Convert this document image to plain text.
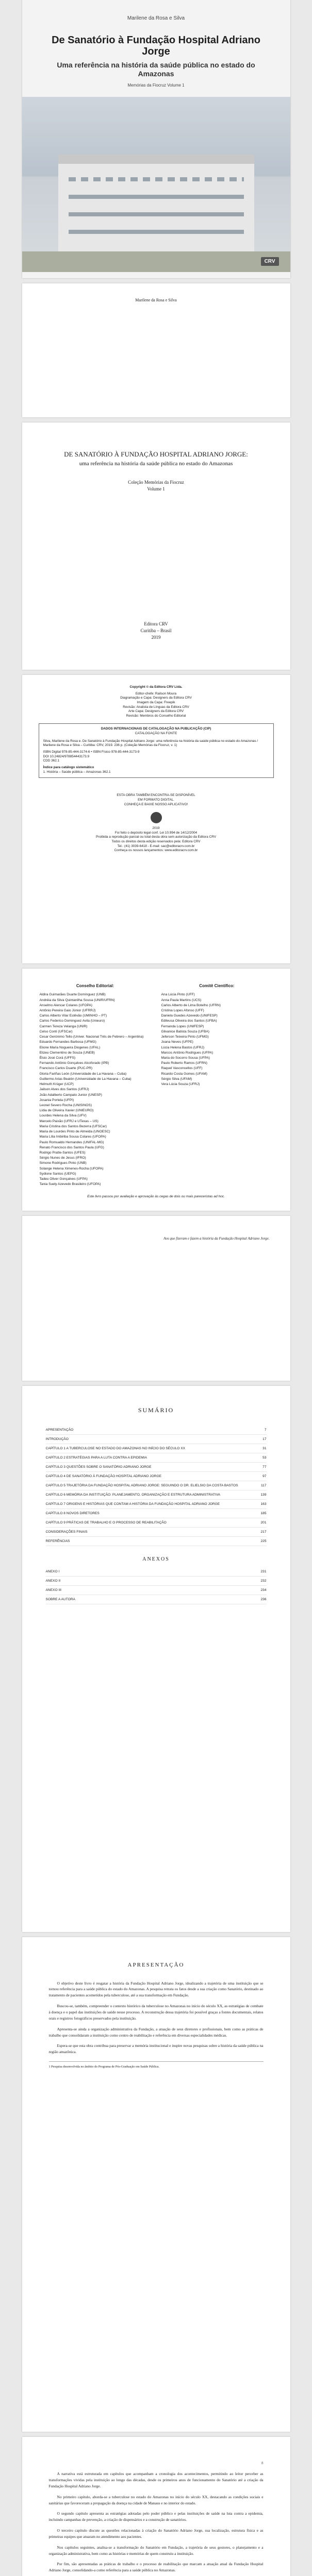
Marilene da Rosa e Silva
De Sanatório à Fundação Hospital Adriano Jorge
Uma referência na história da saúde pública no estado do Amazonas
Memórias da Fiocruz Volume 1
CRV
Marilene da Rosa e Silva
DE SANATÓRIO À FUNDAÇÃO HOSPITAL ADRIANO JORGE:
uma referência na história da saúde pública no estado do Amazonas
Coleção Memórias da Fiocruz
Volume 1
Editora CRV
Curitiba – Brasil
2019
Copyright © da Editora CRV Ltda.
Editor-chefe: Railson Moura
Diagramação e Capa: Designers da Editora CRV
Imagem da Capa: Freepik
Revisão: Analista de Línguas da Editora CRV
Arte Capa: Designers da Editora CRV
Revisão: Membros do Conselho Editorial
DADOS INTERNACIONAIS DE CATALOGAÇÃO NA PUBLICAÇÃO (CIP)
CATALOGAÇÃO NA FONTE
Silva, Marilene da Rosa e. De Sanatório à Fundação Hospital Adriano Jorge: uma referência na história da saúde pública no estado do Amazonas / Marilene da Rosa e Silva – Curitiba: CRV, 2019. 236 p. (Coleção Memórias da Fiocruz, v. 1)
ISBN Digital 978-85-444-3174-6 • ISBN Físico 978-85-444-3173-9
DOI 10.24824/978854443173.9
CDD 362.1
Índice para catálogo sistemático
1. História – Saúde pública – Amazonas 362.1
ESTA OBRA TAMBÉM ENCONTRA-SE DISPONÍVEL
EM FORMATO DIGITAL.
CONHEÇA E BAIXE NOSSO APLICATIVO!
2019
Foi feito o depósito legal conf. Lei 10.994 de 14/12/2004
Proibida a reprodução parcial ou total desta obra sem autorização da Editora CRV
Todos os direitos desta edição reservados pela: Editora CRV
Tel.: (41) 3039-6418 - E-mail: sac@editoracrv.com.br
Conheça os nossos lançamentos: www.editoracrv.com.br
Conselho Editorial:
Aldira Guimarães Duarte Domínguez (UNB)
Andréia da Silva Quintanilha Sousa (UNIR/UFRN)
Anselmo Alencar Colares (UFOPA)
Antônio Pereira Gaio Júnior (UFRRJ)
Carlos Alberto Vilar Estêvão (UMINHO – PT)
Carlos Federico Dominguez Avila (Unieuro)
Carmen Tereza Velanga (UNIR)
Celso Conti (UFSCar)
Cesar Gerónimo Tello (Univer. Nacional Três de Febrero – Argentina)
Eduardo Fernandes Barbosa (UFMG)
Elione Maria Nogueira Diogenes (UFAL)
Elizeu Clementino de Souza (UNEB)
Élsio José Corá (UFFS)
Fernando Antônio Gonçalves Alcoforado (IPB)
Francisco Carlos Duarte (PUC-PR)
Gloria Fariñas León (Universidade de La Havana – Cuba)
Guillermo Arias Beatón (Universidade de La Havana – Cuba)
Helmuth Krüger (UCP)
Jailson Alves dos Santos (UFRJ)
João Adalberto Campato Junior (UNESP)
Josania Portela (UFPI)
Leonel Severo Rocha (UNISINOS)
Lídia de Oliveira Xavier (UNIEURO)
Lourdes Helena da Silva (UFV)
Marcelo Paixão (UFRJ e UTexas – US)
Maria Cristina dos Santos Bezerra (UFSCar)
Maria de Lourdes Pinto de Almeida (UNOESC)
Maria Lília Imbiriba Sousa Colares (UFOPA)
Paulo Romualdo Hernandes (UNIFAL-MG)
Renato Francisco dos Santos Paula (UFG)
Rodrigo Pratte-Santos (UFES)
Sérgio Nunes de Jesus (IFRO)
Simone Rodrigues Pinto (UNB)
Solange Helena Ximenes-Rocha (UFOPA)
Sydione Santos (UEPG)
Tadeu Oliver Gonçalves (UFPA)
Tania Suely Azevedo Brasileiro (UFOPA)
Comitê Científico:
Ana Lúcia Pinto (UFF)
Anna Paula Martins (UCS)
Carlos Alberto de Lima Botelho (UFRN)
Cristina Lopes Afonso (UFF)
Daniela Guedes Azevedo (UNIFESP)
Edileusa Oliveira dos Santos (UFBA)
Fernanda Lopes (UNIFESP)
Gilvanice Batista Souza (UFBA)
Jeferson Teixeira Pinto (UFMG)
Joana Neves (UFPE)
Lúcia Helena Bastos (UFRJ)
Marcos Antônio Rodrigues (UFPA)
Maria do Socorro Sousa (UFPA)
Paulo Roberto Ramos (UFRN)
Raquel Vasconcellos (UFF)
Ricardo Costa Gomes (UFAM)
Sérgio Silva (UFAM)
Vera Lúcia Souza (UFRJ)
Este livro passou por avaliação e aprovação às cegas de dois ou mais pareceristas ad hoc.
Aos que fizeram e fazem a história da Fundação Hospital Adriano Jorge.
SUMÁRIO
APRESENTAÇÃO	7
INTRODUÇÃO	17
CAPÍTULO 1 A TUBERCULOSE NO ESTADO DO AMAZONAS NO INÍCIO DO SÉCULO XX	31
CAPÍTULO 2 ESTRATÉGIAS PARA A LUTA CONTRA A EPIDEMIA	53
CAPÍTULO 3 QUESTÕES SOBRE O SANATÓRIO ADRIANO JORGE	77
CAPÍTULO 4 DE SANATÓRIO À FUNDAÇÃO HOSPITAL ADRIANO JORGE	97
CAPÍTULO 5 TRAJETÓRIA DA FUNDAÇÃO HOSPITAL ADRIANO JORGE: SEGUINDO O DR. ELIELSIO DA COSTA BASTOS	117
CAPÍTULO 6 MEMÓRIA DA INSTITUIÇÃO: PLANEJAMENTO, ORGANIZAÇÃO E ESTRUTURA ADMINISTRATIVA	139
CAPÍTULO 7 ORIGENS E HISTÓRIAS QUE CONTAM A HISTÓRIA DA FUNDAÇÃO HOSPITAL ADRIANO JORGE	163
CAPÍTULO 8 NOVOS DIRETORES	185
CAPÍTULO 9 PRÁTICAS DE TRABALHO E O PROCESSO DE REABILITAÇÃO	201
CONSIDERAÇÕES FINAIS	217
REFERÊNCIAS	225
ANEXOS
ANEXO I	231
ANEXO II	232
ANEXO III	234
SOBRE A AUTORA	236
APRESENTAÇÃO

O objetivo deste livro é resgatar a história da Fundação Hospital Adriano Jorge, idealizando a trajetória de uma instituição que se tornou referência para a saúde pública do estado do Amazonas. A pesquisa retrata os fatos desde a sua criação como Sanatório, destinado ao tratamento de pacientes acometidos pela tuberculose, até a sua transformação em Fundação.

Buscou-se, também, compreender o contexto histórico da tuberculose no Amazonas no início do século XX, as estratégias de combate à doença e o papel das instituições de saúde nesse processo. A reconstrução dessa trajetória foi possível graças a fontes documentais, relatos orais e registros fotográficos preservados pela instituição.

Apresenta-se ainda a organização administrativa da Fundação, a atuação de seus diretores e profissionais, bem como as práticas de trabalho que consolidaram a instituição como centro de reabilitação e referência em diversas especialidades médicas.

Espera-se que esta obra contribua para preservar a memória institucional e inspire novas pesquisas sobre a história da saúde pública na região amazônica.

1 Pesquisa desenvolvida no âmbito do Programa de Pós-Graduação em Saúde Pública.

8

A narrativa está estruturada em capítulos que acompanham a cronologia dos acontecimentos, permitindo ao leitor perceber as transformações vividas pela instituição ao longo das décadas, desde os primeiros anos de funcionamento do Sanatório até a criação da Fundação Hospital Adriano Jorge.

No primeiro capítulo, aborda-se a tuberculose no estado do Amazonas no início do século XX, destacando as condições sociais e sanitárias que favoreceram a propagação da doença na cidade de Manaus e no interior do estado.

O segundo capítulo apresenta as estratégias adotadas pelo poder público e pelas instituições de saúde na luta contra a epidemia, incluindo campanhas de prevenção, a criação de dispensários e a construção de sanatórios.

O terceiro capítulo discute as questões relacionadas à criação do Sanatório Adriano Jorge, sua localização, estrutura física e as primeiras equipes que atuaram no atendimento aos pacientes.

Nos capítulos seguintes, analisa-se a transformação do Sanatório em Fundação, a trajetória de seus gestores, o planejamento e a organização administrativa, bem como as histórias e memórias de quem construiu a instituição.

Por fim, são apresentadas as práticas de trabalho e o processo de reabilitação que marcam a atuação atual da Fundação Hospital Adriano Jorge, consolidando-a como referência para a saúde pública no Amazonas.
